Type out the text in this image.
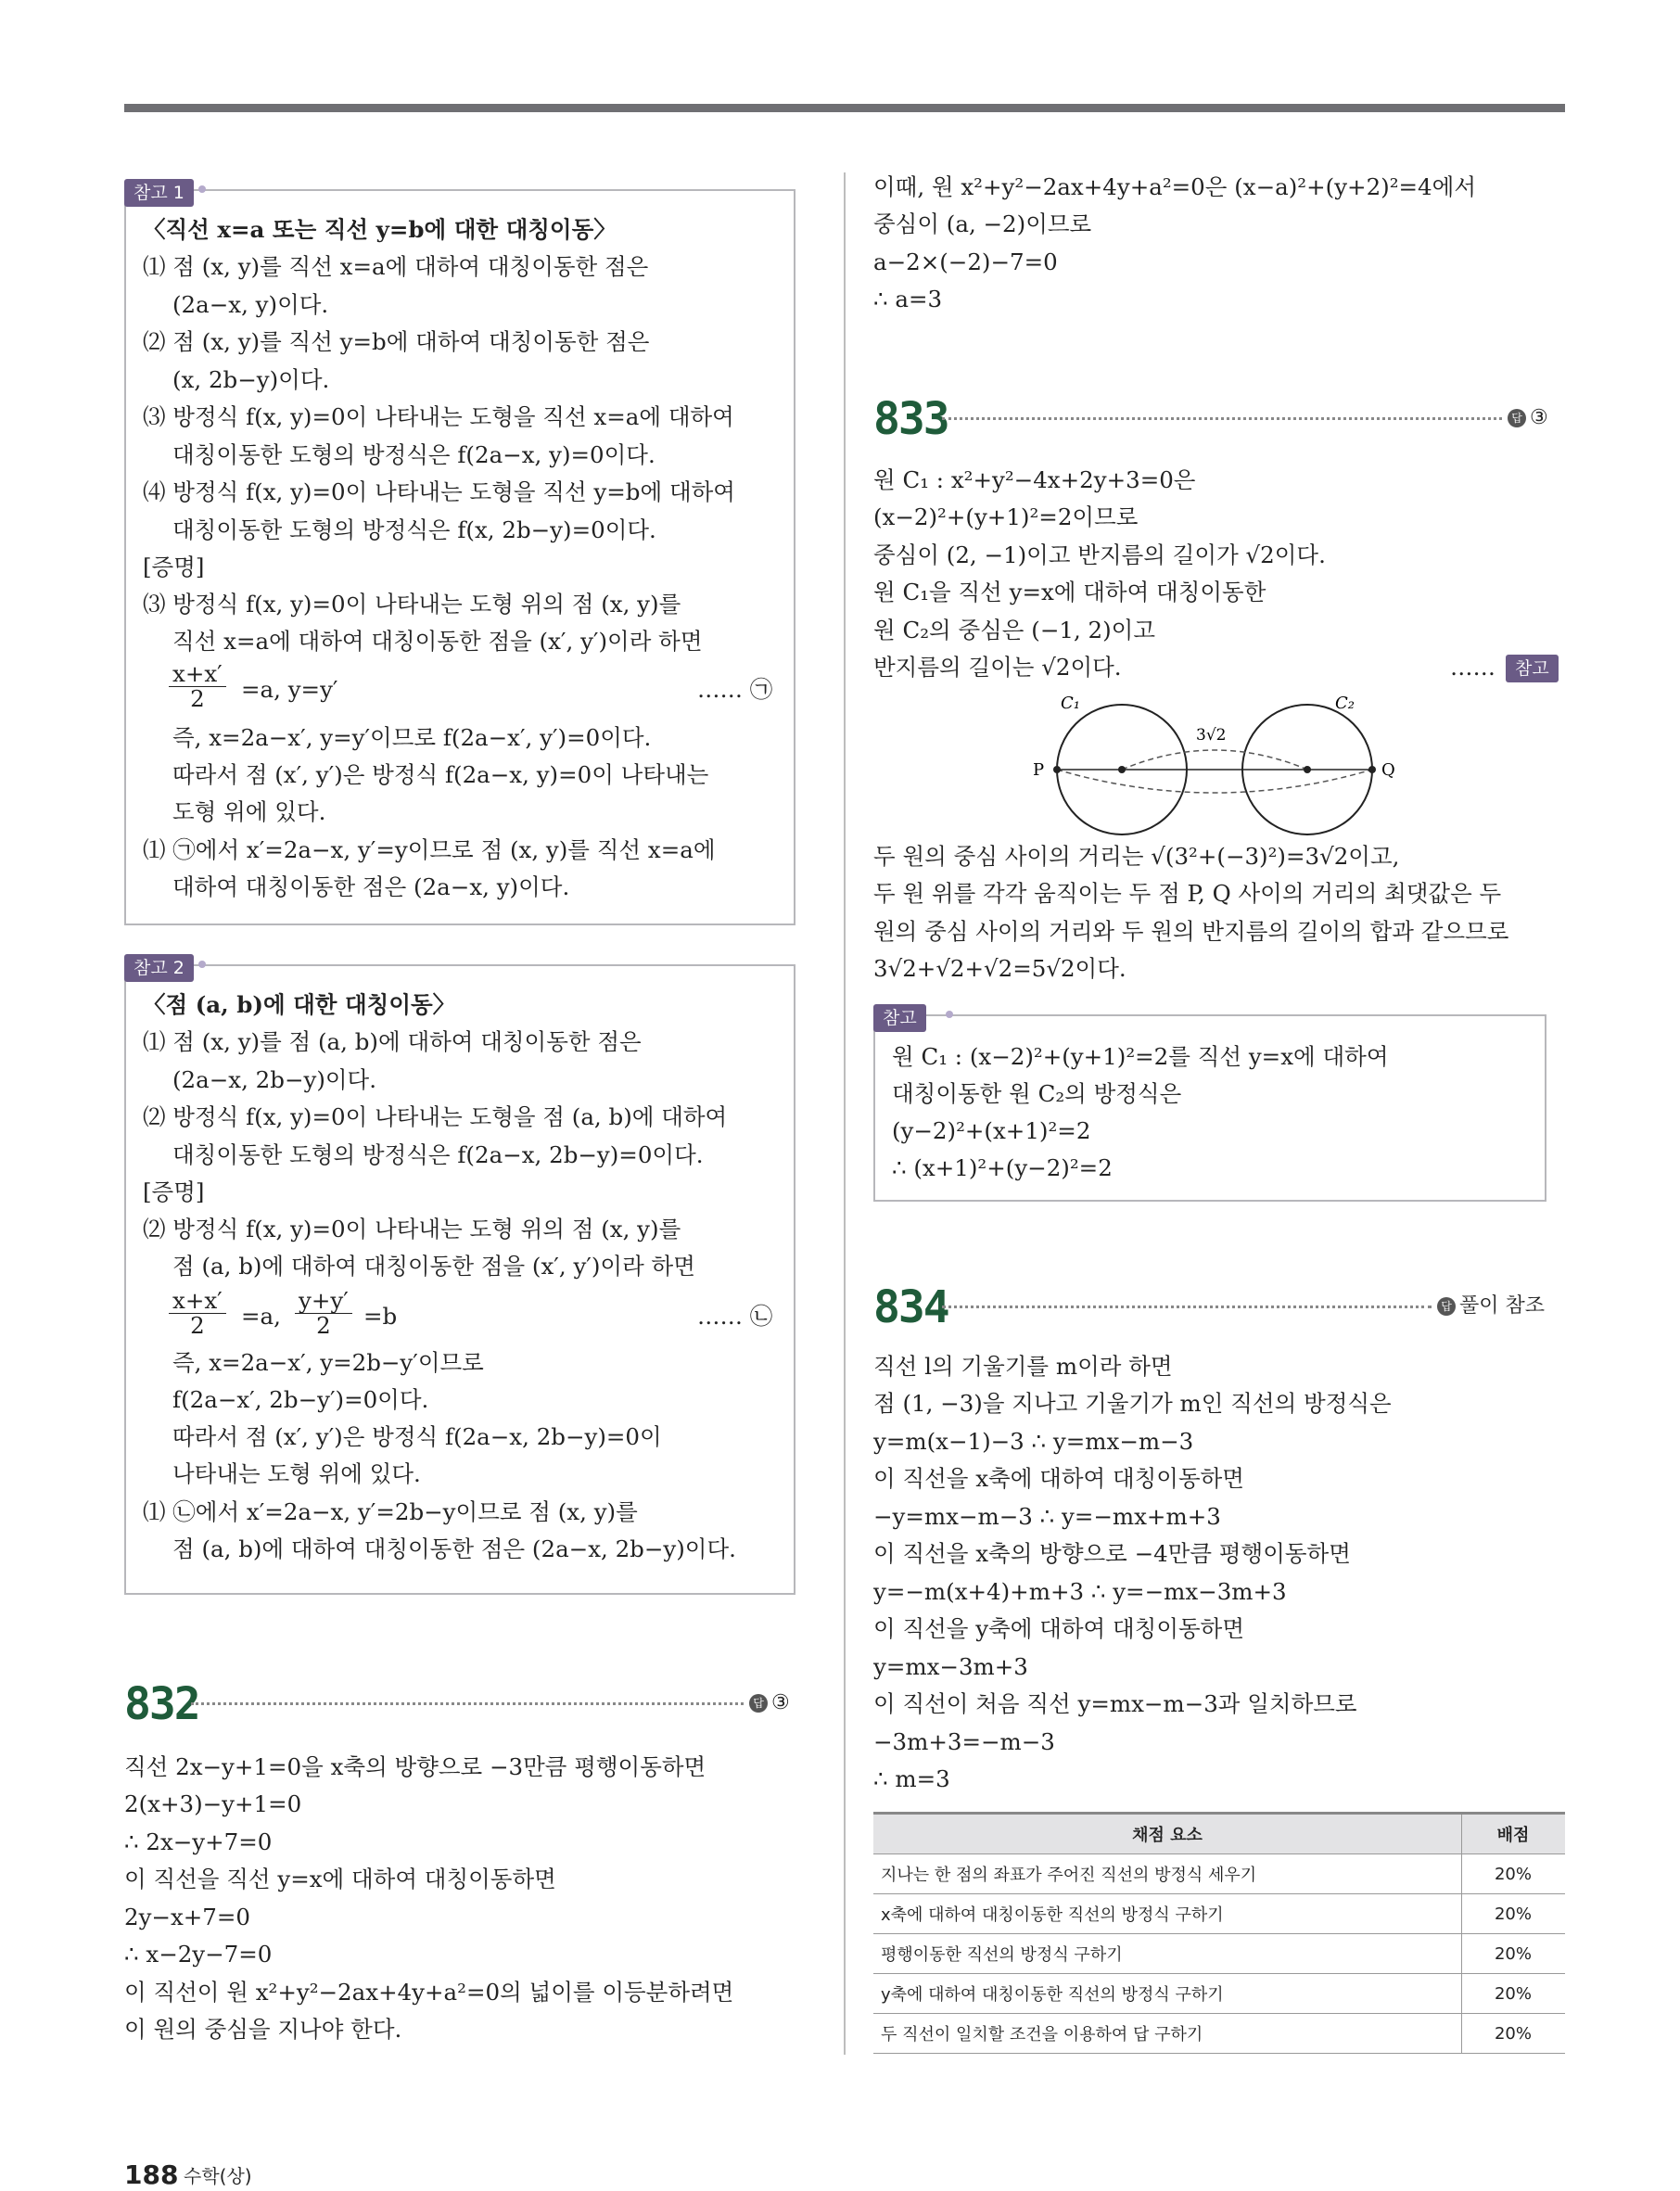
참고 1
〈직선 x=a 또는 직선 y=b에 대한 대칭이동〉
⑴ 점 (x, y)를 직선 x=a에 대하여 대칭이동한 점은
(2a−x, y)이다.
⑵ 점 (x, y)를 직선 y=b에 대하여 대칭이동한 점은
(x, 2b−y)이다.
⑶ 방정식 f(x, y)=0이 나타내는 도형을 직선 x=a에 대하여
대칭이동한 도형의 방정식은 f(2a−x, y)=0이다.
⑷ 방정식 f(x, y)=0이 나타내는 도형을 직선 y=b에 대하여
대칭이동한 도형의 방정식은 f(x, 2b−y)=0이다.
[증명]
⑶ 방정식 f(x, y)=0이 나타내는 도형 위의 점 (x, y)를
직선 x=a에 대하여 대칭이동한 점을 (x′, y′)이라 하면
$\frac{x+x'}{2} =a$, y=y′	…… ㉠
즉, x=2a−x′, y=y′이므로 f(2a−x′, y′)=0이다.
따라서 점 (x′, y′)은 방정식 f(2a−x, y)=0이 나타내는
도형 위에 있다.
⑴ ㉠에서 x′=2a−x, y′=y이므로 점 (x, y)를 직선 x=a에
대하여 대칭이동한 점은 (2a−x, y)이다.
참고 2
〈점 (a, b)에 대한 대칭이동〉
⑴ 점 (x, y)를 점 (a, b)에 대하여 대칭이동한 점은
(2a−x, 2b−y)이다.
⑵ 방정식 f(x, y)=0이 나타내는 도형을 점 (a, b)에 대하여
대칭이동한 도형의 방정식은 f(2a−x, 2b−y)=0이다.
[증명]
⑵ 방정식 f(x, y)=0이 나타내는 도형 위의 점 (x, y)를
점 (a, b)에 대하여 대칭이동한 점을 (x′, y′)이라 하면
$\frac{x+x'}{2} =a$, $\frac{y+y'}{2} =b$	…… ㉡
즉, x=2a−x′, y=2b−y′이므로
f(2a−x′, 2b−y′)=0이다.
따라서 점 (x′, y′)은 방정식 f(2a−x, 2b−y)=0이
나타내는 도형 위에 있다.
⑴ ㉡에서 x′=2a−x, y′=2b−y이므로 점 (x, y)를
점 (a, b)에 대하여 대칭이동한 점은 (2a−x, 2b−y)이다.
832	답 ③
직선 2x−y+1=0을 x축의 방향으로 −3만큼 평행이동하면
2(x+3)−y+1=0
∴ 2x−y+7=0
이 직선을 직선 y=x에 대하여 대칭이동하면
2y−x+7=0
∴ x−2y−7=0
이 직선이 원 x²+y²−2ax+4y+a²=0의 넓이를 이등분하려면
이 원의 중심을 지나야 한다.
이때, 원 x²+y²−2ax+4y+a²=0은 (x−a)²+(y+2)²=4에서
중심이 (a, −2)이므로
a−2×(−2)−7=0
∴ a=3
833	답 ③
원 C₁ : x²+y²−4x+2y+3=0은
(x−2)²+(y+1)²=2이므로
중심이 (2, −1)이고 반지름의 길이가 √2이다.
원 C₁을 직선 y=x에 대하여 대칭이동한
원 C₂의 중심은 (−1, 2)이고
반지름의 길이는 √2이다.	……	참고
C₁	C₂
P	Q
3√2
두 원의 중심 사이의 거리는 √(3²+(−3)²)=3√2이고,
두 원 위를 각각 움직이는 두 점 P, Q 사이의 거리의 최댓값은 두
원의 중심 사이의 거리와 두 원의 반지름의 길이의 합과 같으므로
3√2+√2+√2=5√2이다.
참고
원 C₁ : (x−2)²+(y+1)²=2를 직선 y=x에 대하여
대칭이동한 원 C₂의 방정식은
(y−2)²+(x+1)²=2
∴ (x+1)²+(y−2)²=2
834	답 풀이 참조
직선 l의 기울기를 m이라 하면
점 (1, −3)을 지나고 기울기가 m인 직선의 방정식은
y=m(x−1)−3 ∴ y=mx−m−3
이 직선을 x축에 대하여 대칭이동하면
−y=mx−m−3 ∴ y=−mx+m+3
이 직선을 x축의 방향으로 −4만큼 평행이동하면
y=−m(x+4)+m+3 ∴ y=−mx−3m+3
이 직선을 y축에 대하여 대칭이동하면
y=mx−3m+3
이 직선이 처음 직선 y=mx−m−3과 일치하므로
−3m+3=−m−3
∴ m=3
채점 요소	배점
지나는 한 점의 좌표가 주어진 직선의 방정식 세우기	20%
x축에 대하여 대칭이동한 직선의 방정식 구하기	20%
평행이동한 직선의 방정식 구하기	20%
y축에 대하여 대칭이동한 직선의 방정식 구하기	20%
두 직선이 일치할 조건을 이용하여 답 구하기	20%
188 수학(상)
